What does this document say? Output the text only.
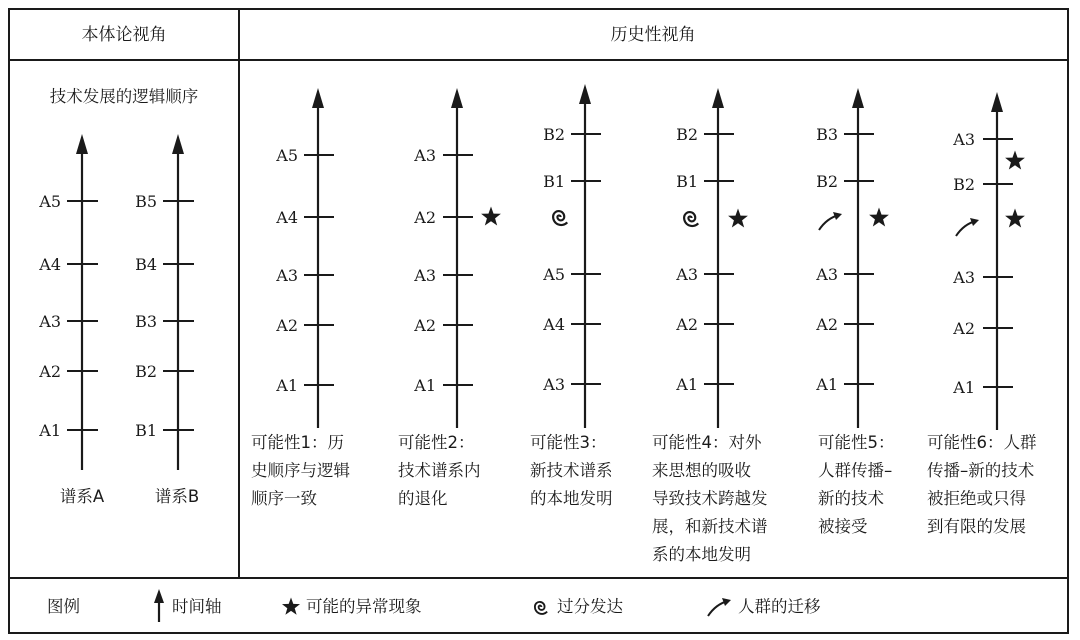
本体论视角	历史性视角
技术发展的逻辑顺序
A5
A4
A3
A2
A1
谱系A
B5
B4
B3
B2
B1
谱系B
A5
A4
A3
A2
A1
可能性1：历
史顺序与逻辑
顺序一致
A3
A2
A3
A2
A1
可能性2：
技术谱系内
的退化
B2
B1
A5
A4
A3
可能性3：
新技术谱系
的本地发明
B2
B1
A3
A2
A1
可能性4：对外
来思想的吸收
导致技术跨越发
展，和新技术谱
系的本地发明
B3
B2
A3
A2
A1
可能性5：
人群传播–
新的技术
被接受
A3
B2
A3
A2
A1
可能性6：人群
传播–新的技术
被拒绝或只得
到有限的发展
图例	时间轴	可能的异常现象	过分发达	人群的迁移
